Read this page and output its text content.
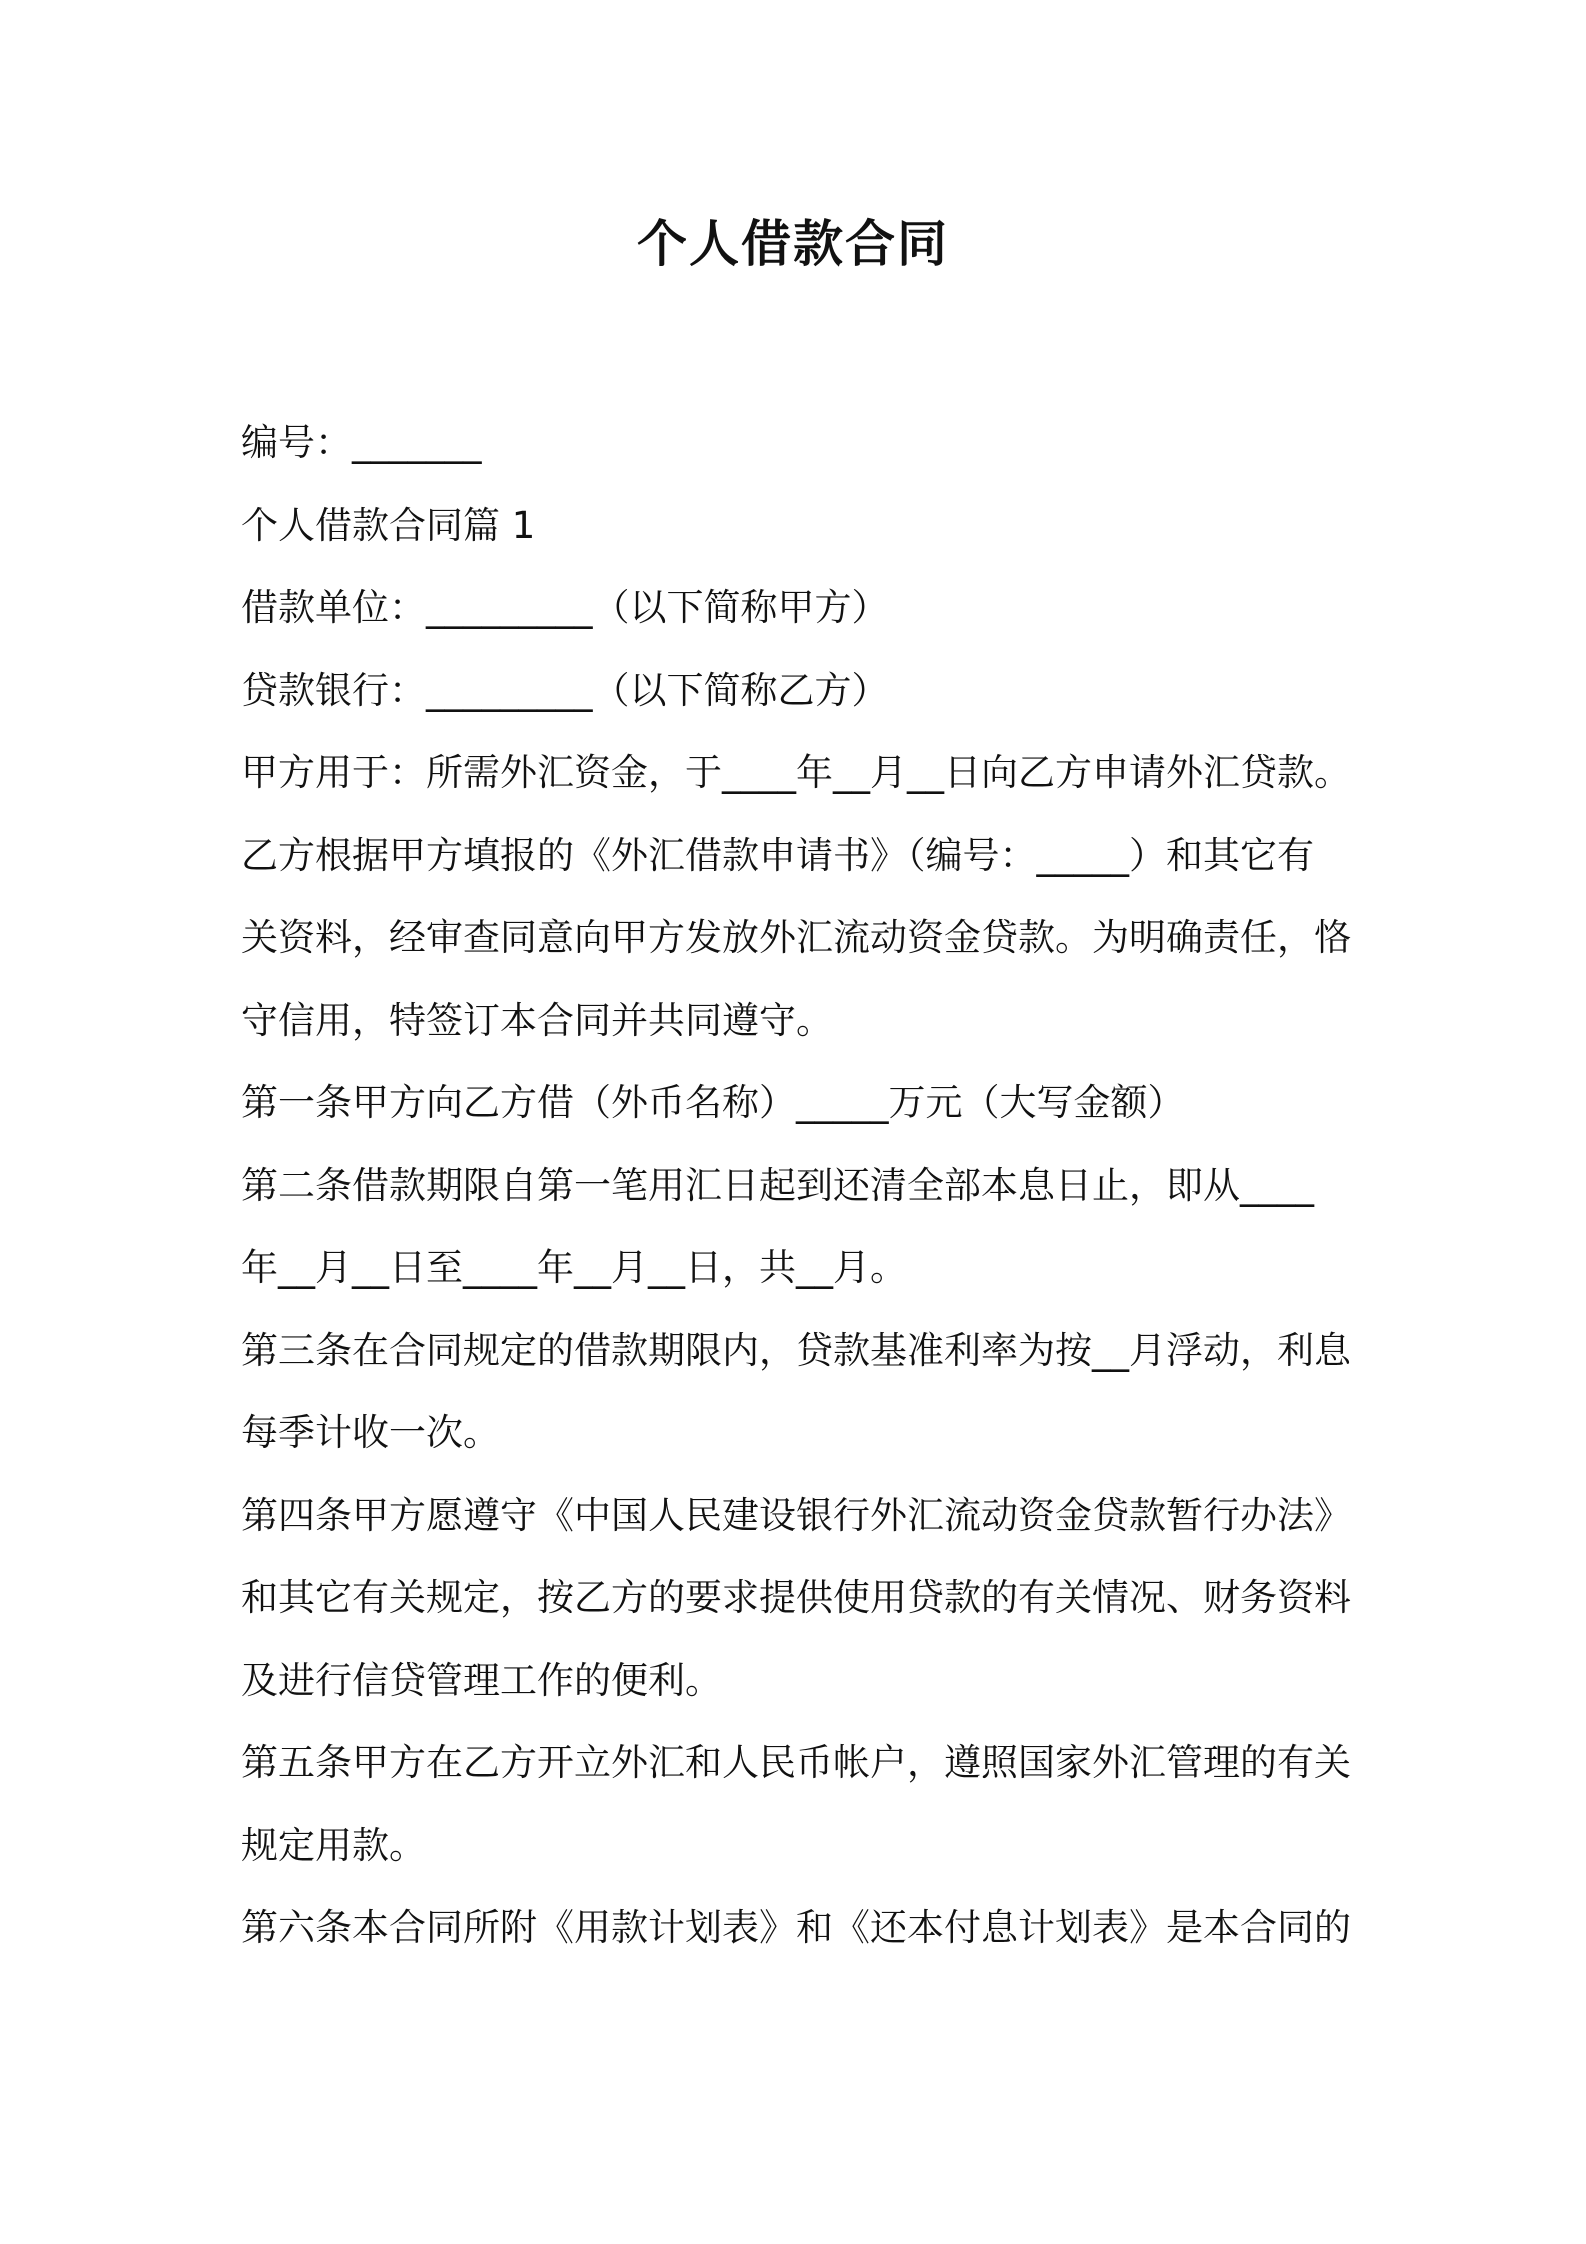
个人借款合同
编号：_______
个人借款合同篇 1
借款单位：_________（以下简称甲方）
贷款银行：_________（以下简称乙方）
甲方用于：所需外汇资金，于____年__月__日向乙方申请外汇贷款。
乙方根据甲方填报的《外汇借款申请书》（编号：_____）和其它有
关资料，经审查同意向甲方发放外汇流动资金贷款。为明确责任，恪
守信用，特签订本合同并共同遵守。
第一条甲方向乙方借（外币名称）_____万元（大写金额）
第二条借款期限自第一笔用汇日起到还清全部本息日止，即从____
年__月__日至____年__月__日，共__月。
第三条在合同规定的借款期限内，贷款基准利率为按__月浮动，利息
每季计收一次。
第四条甲方愿遵守《中国人民建设银行外汇流动资金贷款暂行办法》
和其它有关规定，按乙方的要求提供使用贷款的有关情况、财务资料
及进行信贷管理工作的便利。
第五条甲方在乙方开立外汇和人民币帐户，遵照国家外汇管理的有关
规定用款。
第六条本合同所附《用款计划表》和《还本付息计划表》是本合同的
